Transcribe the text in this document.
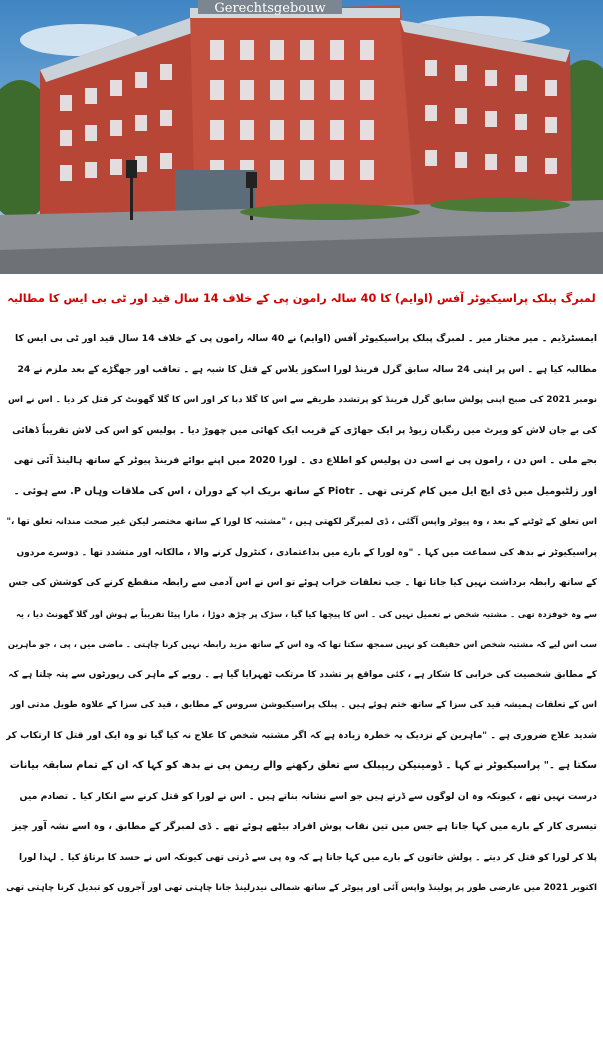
Gerechtsgebouw
لمبرگ پبلک پراسیکیوٹر آفس (اوایم) کا 40 سالہ رامون پی کے خلاف 14 سال قید اور ٹی بی ایس کا مطالبہ
ایمسٹرڈیم ۔ میر مختار میر ۔ لمبرگ پبلک پراسیکیوٹر آفس (اوایم) نے 40 سالہ رامون پی کے خلاف 14 سال قید اور ٹی بی ایس کا
مطالبہ کیا ہے ۔ اس پر اپنی 24 سالہ سابق گرل فرینڈ لورا اسکوز یلاس کے قتل کا شبہ ہے ۔ تعاقب اور جھگڑے کے بعد ملزم نے 24
نومبر 2021 کی صبح اپنی پولش سابق گرل فرینڈ کو پرتشدد طریقے سے اس کا گلا دبا کر اور اس کا گلا گھونٹ کر قتل کر دیا ۔ اس نے اس
کی بے جان لاش کو ویرٹ میں رنگبان زیوڈ پر ایک جھاڑی کے قریب ایک کھائی میں چھوڑ دیا ۔ پولیس کو اس کی لاش تقریباً ڈھائی
بجے ملی ۔ اس دن ، رامون پی نے اسی دن پولیس کو اطلاع دی ۔ لورا 2020 میں اپنے بوائے فرینڈ پیوٹر کے ساتھ ہالینڈ آئی تھی
اور زلٹبومیل میں ڈی ایچ ایل میں کام کرتی تھی ۔ Piotr کے ساتھ بریک اپ کے دوران ، اس کی ملاقات وہاں P. سے ہوئی ۔
اس تعلق کے ٹوٹنے کے بعد ، وہ پیوٹر واپس آگئی ، ڈی لمبرگر لکھتی ہیں ، "مشتبہ کا لورا کے ساتھ مختصر لیکن غیر صحت مندانہ تعلق تھا ،"
پراسیکیوٹر نے بدھ کی سماعت میں کہا ۔ "وہ لورا کے بارے میں بداعتمادی ، کنٹرول کرنے والا ، مالکانہ اور متشدد تھا ۔ دوسرے مردوں
کے ساتھ رابطہ برداشت نہیں کیا جاتا تھا ۔ جب تعلقات خراب ہوئے تو اس نے اس آدمی سے رابطہ منقطع کرنے کی کوشش کی جس
سے وہ خوفزدہ تھی ۔ مشتبہ شخص نے تعمیل نہیں کی ۔ اس کا پیچھا کیا گیا ، سڑک پر چڑھ دوڑا ، مارا پیٹا تقریباً بے ہوش اور گلا گھونٹ دیا ، یہ
سب اس لیے کہ مشتبہ شخص اس حقیقت کو نہیں سمجھ سکتا تھا کہ وہ اس کے ساتھ مزید رابطہ نہیں کرنا چاہتی ۔ ماضی میں ، پی ، جو ماہرین
کے مطابق شخصیت کی خرابی کا شکار ہے ، کئی مواقع پر تشدد کا مرتکب ٹھہرایا گیا ہے ۔ رویے کے ماہر کی رپورٹوں سے پتہ چلتا ہے کہ
اس کے تعلقات ہمیشہ قید کی سزا کے ساتھ ختم ہوئے ہیں ۔ پبلک پراسیکیوشن سروس کے مطابق ، قید کی سزا کے علاوہ طویل مدتی اور
شدید علاج ضروری ہے ۔ "ماہرین کے نزدیک یہ خطرہ زیادہ ہے کہ اگر مشتبہ شخص کا علاج نہ کیا گیا تو وہ ایک اور قتل کا ارتکاب کر
سکتا ہے ۔" پراسیکیوٹر نے کہا ۔ ڈومینیکن ریپبلک سے تعلق رکھنے والے ریمن پی نے بدھ کو کہا کہ ان کے تمام سابقہ ​​بیانات
درست نہیں تھے ، کیونکہ وہ ان لوگوں سے ڈرتے ہیں جو اسے نشانہ بناتے ہیں ۔ اس نے لورا کو قتل کرنے سے انکار کیا ۔ تصادم میں
تیسری کار کے بارے میں کہا جاتا ہے جس میں تین نقاب پوش افراد بیٹھے ہوئے تھے ۔ ڈی لمبرگر کے مطابق ، وہ اسے نشہ آور چیز
پلا کر لورا کو قتل کر دیتے ۔ پولش خاتون کے بارے میں کہا جاتا ہے کہ وہ پی سے ڈرتی تھی کیونکہ اس نے حسد کا برتاؤ کیا ۔ لہذا لورا
اکتوبر 2021 میں عارضی طور پر پولینڈ واپس آئی اور پیوٹر کے ساتھ شمالی نیدرلینڈ جانا چاہتی تھی اور آجروں کو تبدیل کرنا چاہتی تھی
